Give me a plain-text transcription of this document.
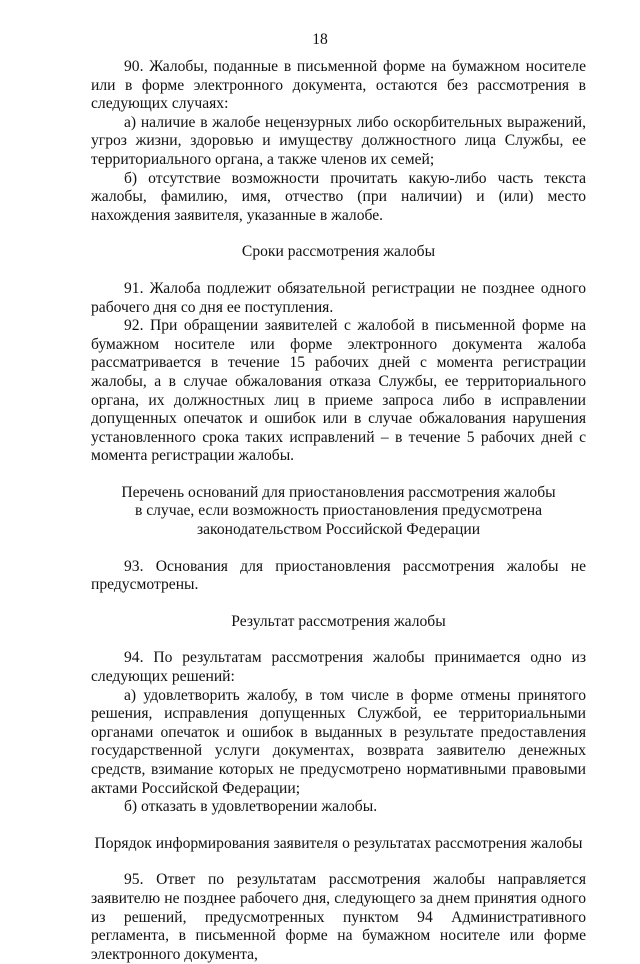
18

90. Жалобы, поданные в письменной форме на бумажном носителе или в форме электронного документа, остаются без рассмотрения в следующих случаях:

а) наличие в жалобе нецензурных либо оскорбительных выражений, угроз жизни, здоровью и имуществу должностного лица Службы, ее территориального органа, а также членов их семей;

б) отсутствие возможности прочитать какую-либо часть текста жалобы, фамилию, имя, отчество (при наличии) и (или) место нахождения заявителя, указанные в жалобе.

Сроки рассмотрения жалобы

91. Жалоба подлежит обязательной регистрации не позднее одного рабочего дня со дня ее поступления.

92. При обращении заявителей с жалобой в письменной форме на бумажном носителе или форме электронного документа жалоба рассматривается в течение 15 рабочих дней с момента регистрации жалобы, а в случае обжалования отказа Службы, ее территориального органа, их должностных лиц в приеме запроса либо в исправлении допущенных опечаток и ошибок или в случае обжалования нарушения установленного срока таких исправлений – в течение 5 рабочих дней с момента регистрации жалобы.

Перечень оснований для приостановления рассмотрения жалобы
в случае, если возможность приостановления предусмотрена
законодательством Российской Федерации

93. Основания для приостановления рассмотрения жалобы не предусмотрены.

Результат рассмотрения жалобы

94. По результатам рассмотрения жалобы принимается одно из следующих решений:

а) удовлетворить жалобу, в том числе в форме отмены принятого решения, исправления допущенных Службой, ее территориальными органами опечаток и ошибок в выданных в результате предоставления государственной услуги документах, возврата заявителю денежных средств, взимание которых не предусмотрено нормативными правовыми актами Российской Федерации;

б) отказать в удовлетворении жалобы.

Порядок информирования заявителя о результатах рассмотрения жалобы

95. Ответ по результатам рассмотрения жалобы направляется заявителю не позднее рабочего дня, следующего за днем принятия одного из решений, предусмотренных пунктом 94 Административного регламента, в письменной форме на бумажном носителе или форме электронного документа,
